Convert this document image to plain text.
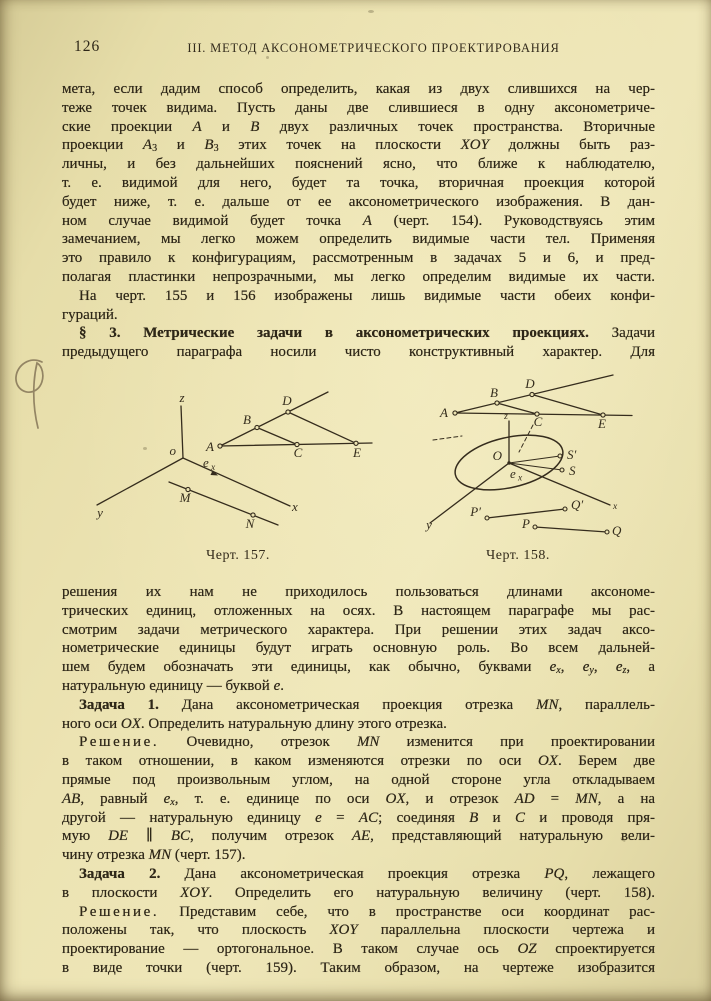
126	III. МЕТОД АКСОНОМЕТРИЧЕСКОГО ПРОЕКТИРОВАНИЯ
мета, если дадим способ определить, какая из двух слившихся на чер-
теже точек видима. Пусть даны две слившиеся в одну аксонометриче-
ские проекции A и B двух различных точек пространства. Вторичные
проекции $A_3$ и $B_3$ этих точек на плоскости XOY должны быть раз-
личны, и без дальнейших пояснений ясно, что ближе к наблюдателю,
т. е. видимой для него, будет та точка, вторичная проекция которой
будет ниже, т. е. дальше от ее аксонометрического изображения. В дан-
ном случае видимой будет точка A (черт. 154). Руководствуясь этим
замечанием, мы легко можем определить видимые части тел. Применяя
это правило к конфигурациям, рассмотренным в задачах 5 и 6, и пред-
полагая пластинки непрозрачными, мы легко определим видимые их части.
На черт. 155 и 156 изображены лишь видимые части обеих конфи-
гураций.
§ 3. Метрические задачи в аксонометрических проекциях. Задачи
предыдущего параграфа носили чисто конструктивный характер. Для
z
o
y	x
e x
M
N
A
B
D
C	E
Черт. 157.
A
B
D
C	E
z
x
y
O	S′
S
e x
P′	Q′
P	Q
Черт. 158.
решения их нам не приходилось пользоваться длинами аксономе-
трических единиц, отложенных на осях. В настоящем параграфе мы рас-
смотрим задачи метрического характера. При решении этих задач аксо-
нометрические единицы будут играть основную роль. Во всем дальней-
шем будем обозначать эти единицы, как обычно, буквами $e_x$, $e_y$, $e_z$, а
натуральную единицу — буквой e.
Задача 1. Дана аксонометрическая проекция отрезка MN, параллель-
ного оси OX. Определить натуральную длину этого отрезка.
Решение. Очевидно, отрезок MN изменится при проектировании
в таком отношении, в каком изменяются отрезки по оси OX. Берем две
прямые под произвольным углом, на одной стороне угла откладываем
AB, равный $e_x$, т. е. единице по оси OX, и отрезок AD = MN, а на
другой — натуральную единицу e = AC; соединяя B и C и проводя пря-
мую DE ∥ BC, получим отрезок AE, представляющий натуральную вели-
чину отрезка MN (черт. 157).
Задача 2. Дана аксонометрическая проекция отрезка PQ, лежащего
в плоскости XOY. Определить его натуральную величину (черт. 158).
Решение. Представим себе, что в пространстве оси координат рас-
положены так, что плоскость XOY параллельна плоскости чертежа и
проектирование — ортогональное. В таком случае ось OZ спроектируется
в виде точки (черт. 159). Таким образом, на чертеже изобразится
